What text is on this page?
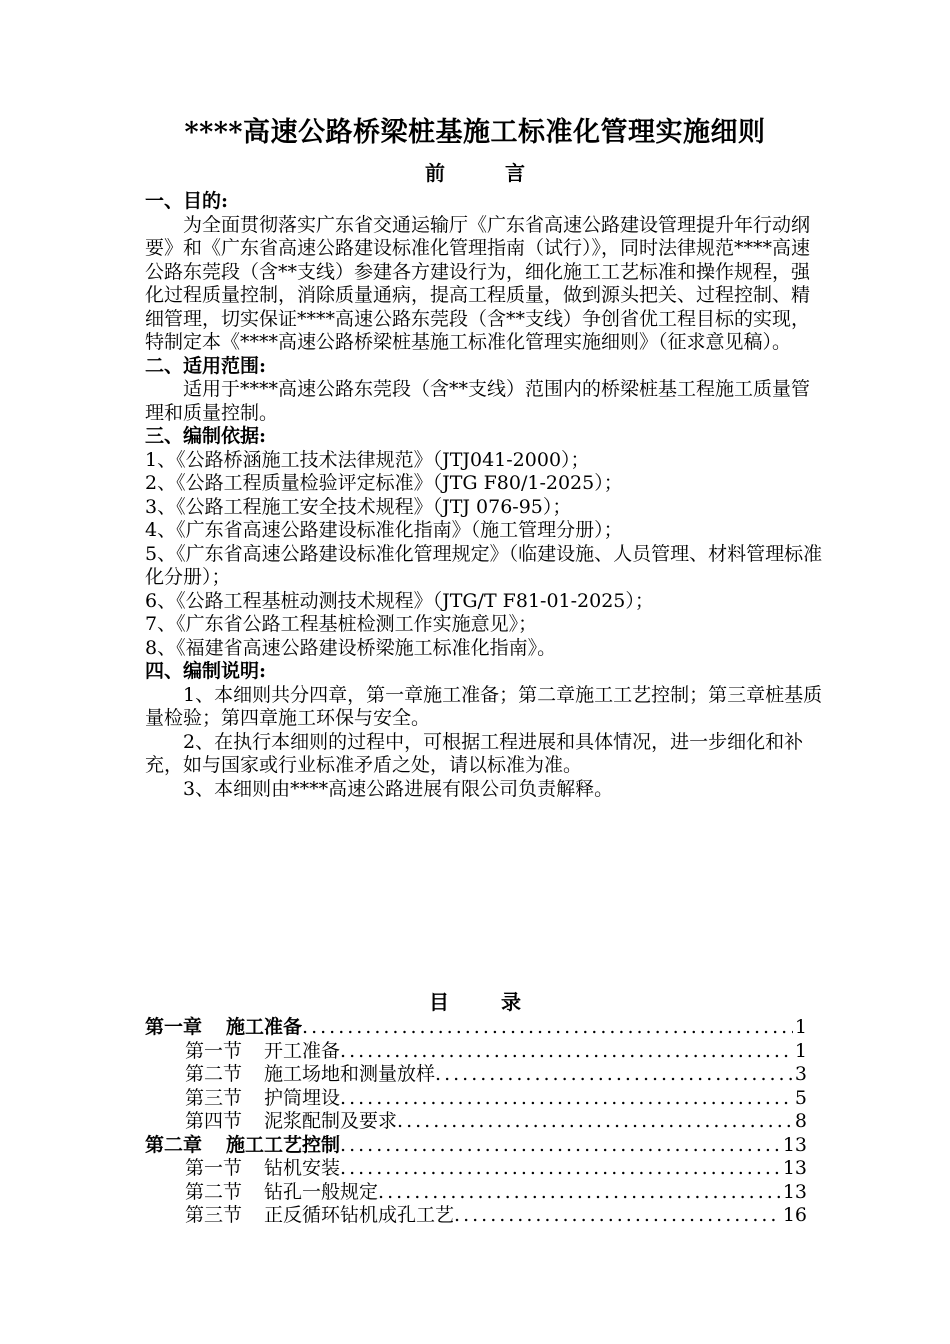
****高速公路桥梁桩基施工标准化管理实施细则
前言

一、目的:

为全面贯彻落实广东省交通运输厅《广东省高速公路建设管理提升年行动纲要》和《广东省高速公路建设标准化管理指南（试行）》，同时法律规范****高速公路东莞段（含**支线）参建各方建设行为，细化施工工艺标准和操作规程，强化过程质量控制，消除质量通病，提高工程质量，做到源头把关、过程控制、精细管理，切实保证****高速公路东莞段（含**支线）争创省优工程目标的实现，特制定本《****高速公路桥梁桩基施工标准化管理实施细则》（征求意见稿）。

二、适用范围:

适用于****高速公路东莞段（含**支线）范围内的桥梁桩基工程施工质量管理和质量控制。

三、编制依据:

1、《公路桥涵施工技术法律规范》（JTJ041-2000）；

2、《公路工程质量检验评定标准》（JTG F80/1-2025）；

3、《公路工程施工安全技术规程》（JTJ 076-95）；

4、《广东省高速公路建设标准化指南》（施工管理分册）；

5、《广东省高速公路建设标准化管理规定》（临建设施、人员管理、材料管理标准化分册）；

6、《公路工程基桩动测技术规程》（JTG/T F81-01-2025）；

7、《广东省公路工程基桩检测工作实施意见》；

8、《福建省高速公路建设桥梁施工标准化指南》。

四、编制说明:

1、本细则共分四章，第一章施工准备；第二章施工工艺控制；第三章桩基质量检验；第四章施工环保与安全。

2、在执行本细则的过程中，可根据工程进展和具体情况，进一步细化和补充，如与国家或行业标准矛盾之处，请以标准为准。

3、本细则由****高速公路进展有限公司负责解释。

目录
第一章 施工准备 .....	1
第一节 开工准备 .....	1
第二节 施工场地和测量放样 .....	3
第三节 护筒埋设 .....	5
第四节 泥浆配制及要求 .....	8
第二章 施工工艺控制 .....	13
第一节 钻机安装 .....	13
第二节 钻孔一般规定 .....	13
第三节 正反循环钻机成孔工艺 .....	16
